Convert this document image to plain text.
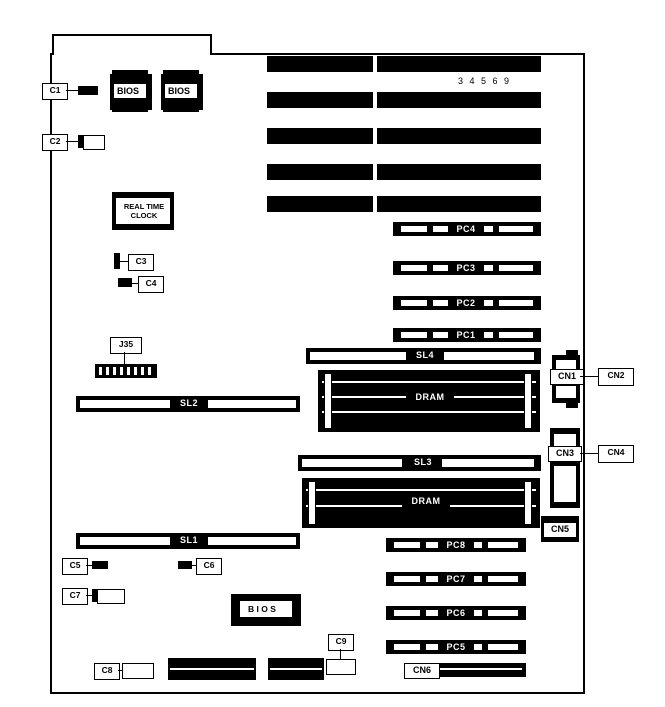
3 4 5 6 9
C1
C2
BIOS	BIOS
REAL TIME CLOCK
C3
C4
J35
PC4
PC3
PC2
PC1
SL4
DRAM
SL3
DRAM
SL2
SL1	PC8
PC7
PC6
PC5
CN1	CN2
CN3	CN4
CN5
C5	C6
C7
B I O S
C9
C8	CN6
